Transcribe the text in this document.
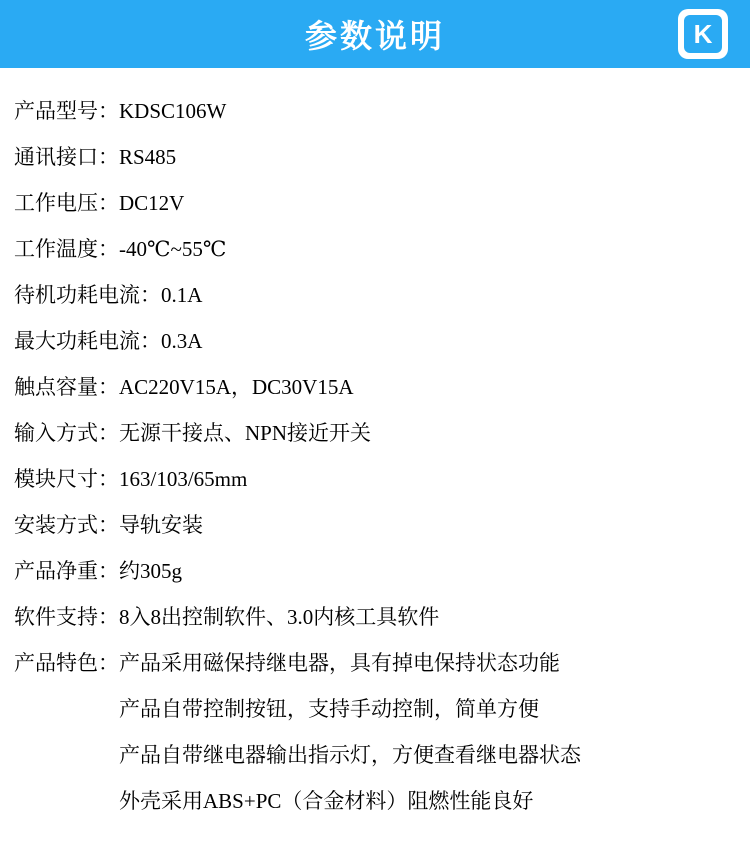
参数说明	K
产品型号： KDSC106W
通讯接口： RS485
工作电压： DC12V
工作温度： -40℃~55℃
待机功耗电流： 0.1A
最大功耗电流： 0.3A
触点容量： AC220V15A，DC30V15A
输入方式： 无源干接点、NPN接近开关
模块尺寸： 163/103/65mm
安装方式： 导轨安装
产品净重： 约305g
软件支持： 8入8出控制软件、3.0内核工具软件
产品特色： 产品采用磁保持继电器，具有掉电保持状态功能
产品自带控制按钮，支持手动控制，简单方便
产品自带继电器输出指示灯，方便查看继电器状态
外壳采用ABS+PC（合金材料）阻燃性能良好
